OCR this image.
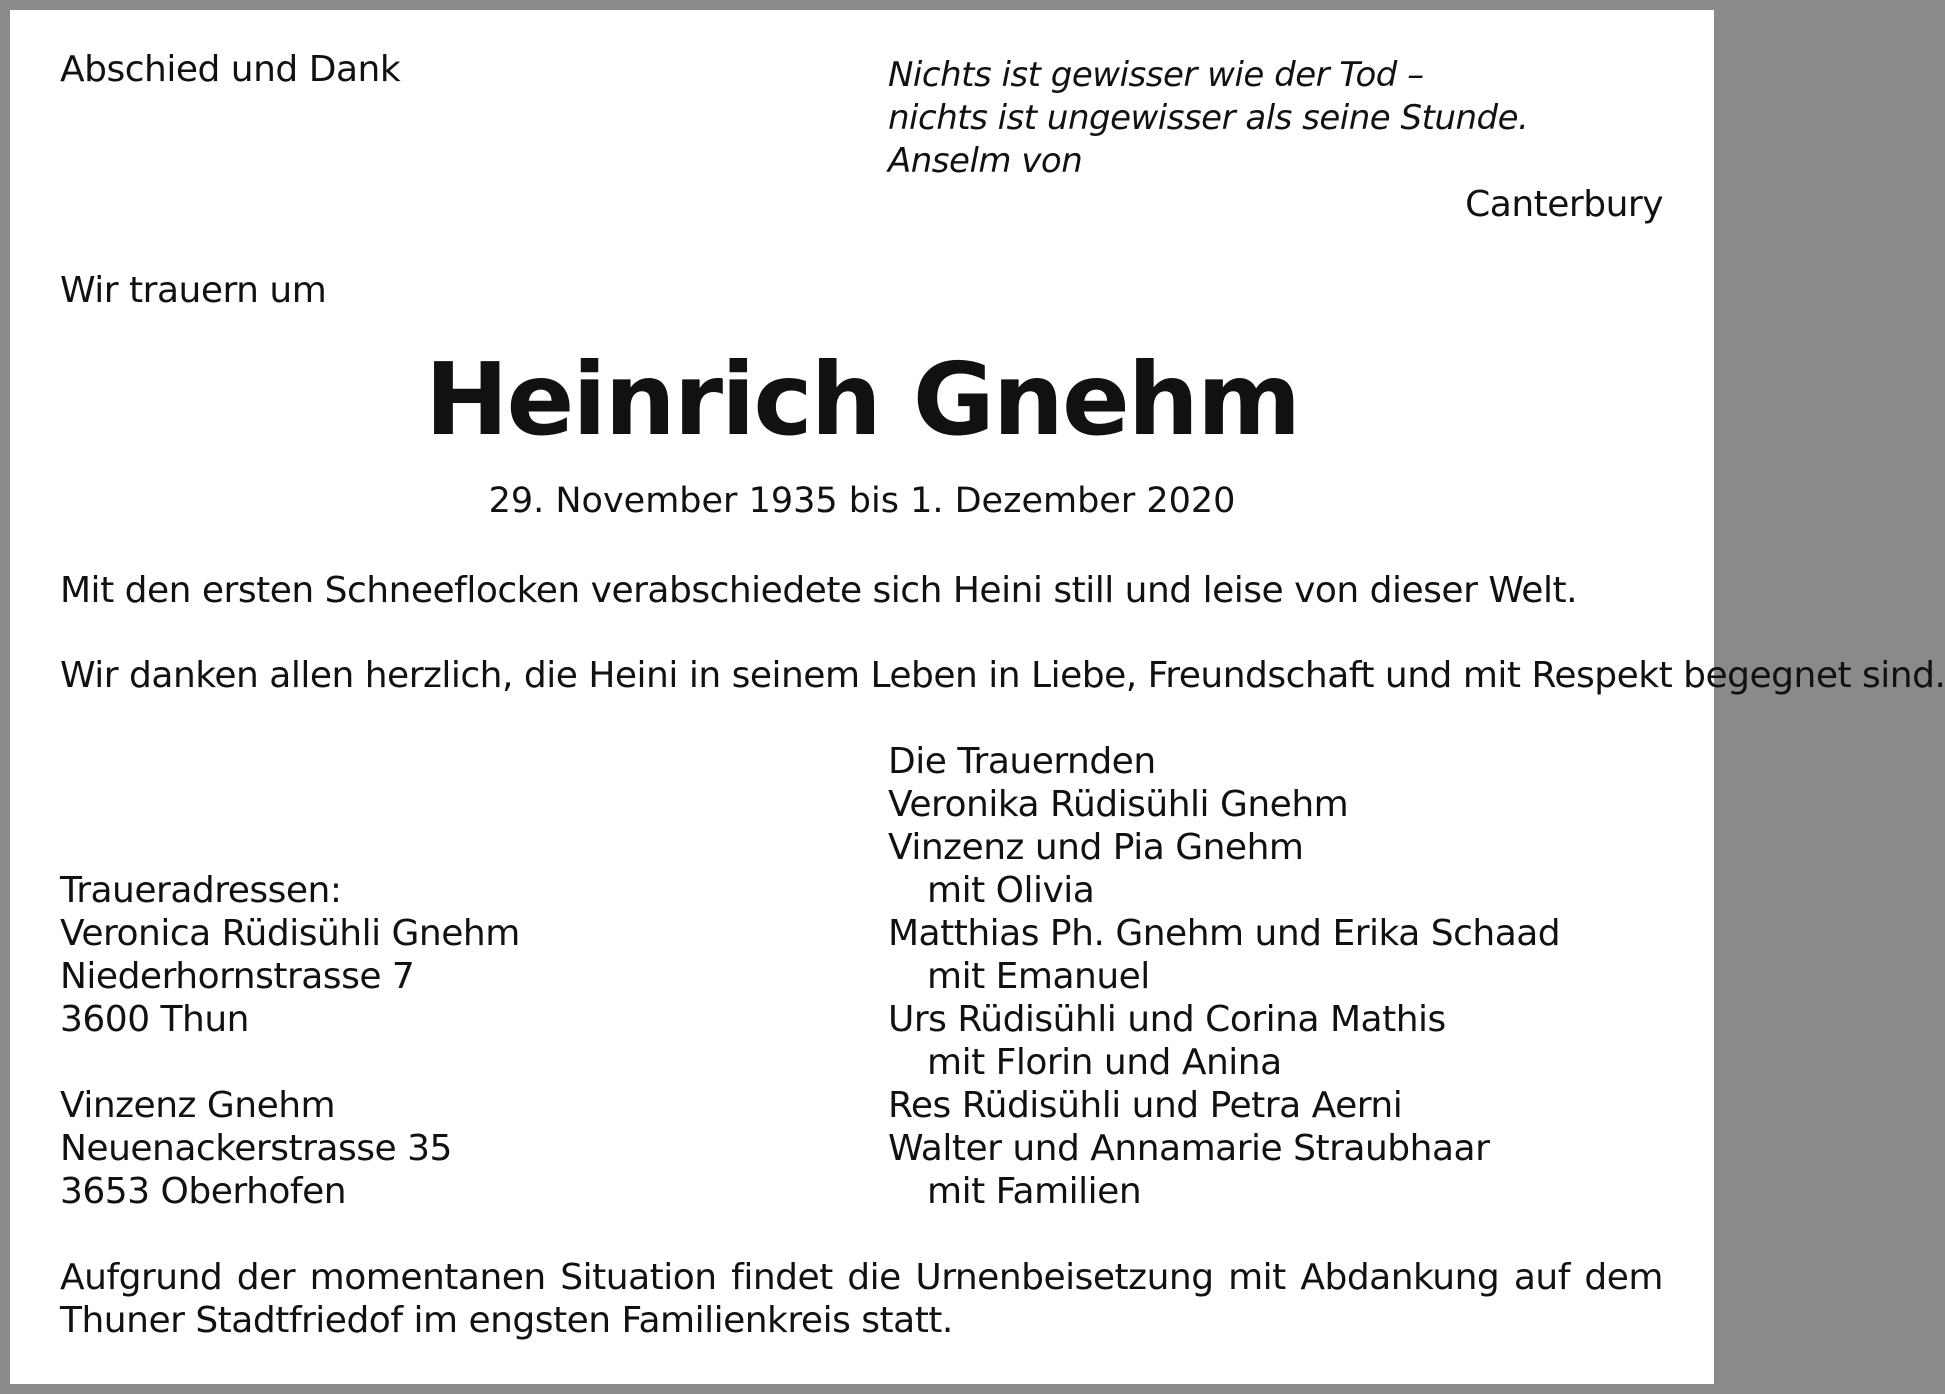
Abschied und Dank	Nichts ist gewisser wie der Tod –
nichts ist ungewisser als seine Stunde.
Anselm von
Canterbury
Wir trauern um
Heinrich Gnehm
29. November 1935 bis 1. Dezember 2020
Mit den ersten Schneeflocken verabschiedete sich Heini still und leise von dieser Welt.
Wir danken allen herzlich, die Heini in seinem Leben in Liebe, Freundschaft und mit Respekt begegnet sind.
Die Trauernden
Veronika Rüdisühli Gnehm
Vinzenz und Pia Gnehm
mit Olivia
Matthias Ph. Gnehm und Erika Schaad
mit Emanuel
Urs Rüdisühli und Corina Mathis
mit Florin und Anina
Res Rüdisühli und Petra Aerni
Walter und Annamarie Straubhaar
mit Familien
Traueradressen:
Veronica Rüdisühli Gnehm
Niederhornstrasse 7
3600 Thun
Vinzenz Gnehm
Neuenackerstrasse 35
3653 Oberhofen
Aufgrund der momentanen Situation findet die Urnenbeisetzung mit Abdankung auf dem Thuner Stadtfriedof im engsten Familienkreis statt.
